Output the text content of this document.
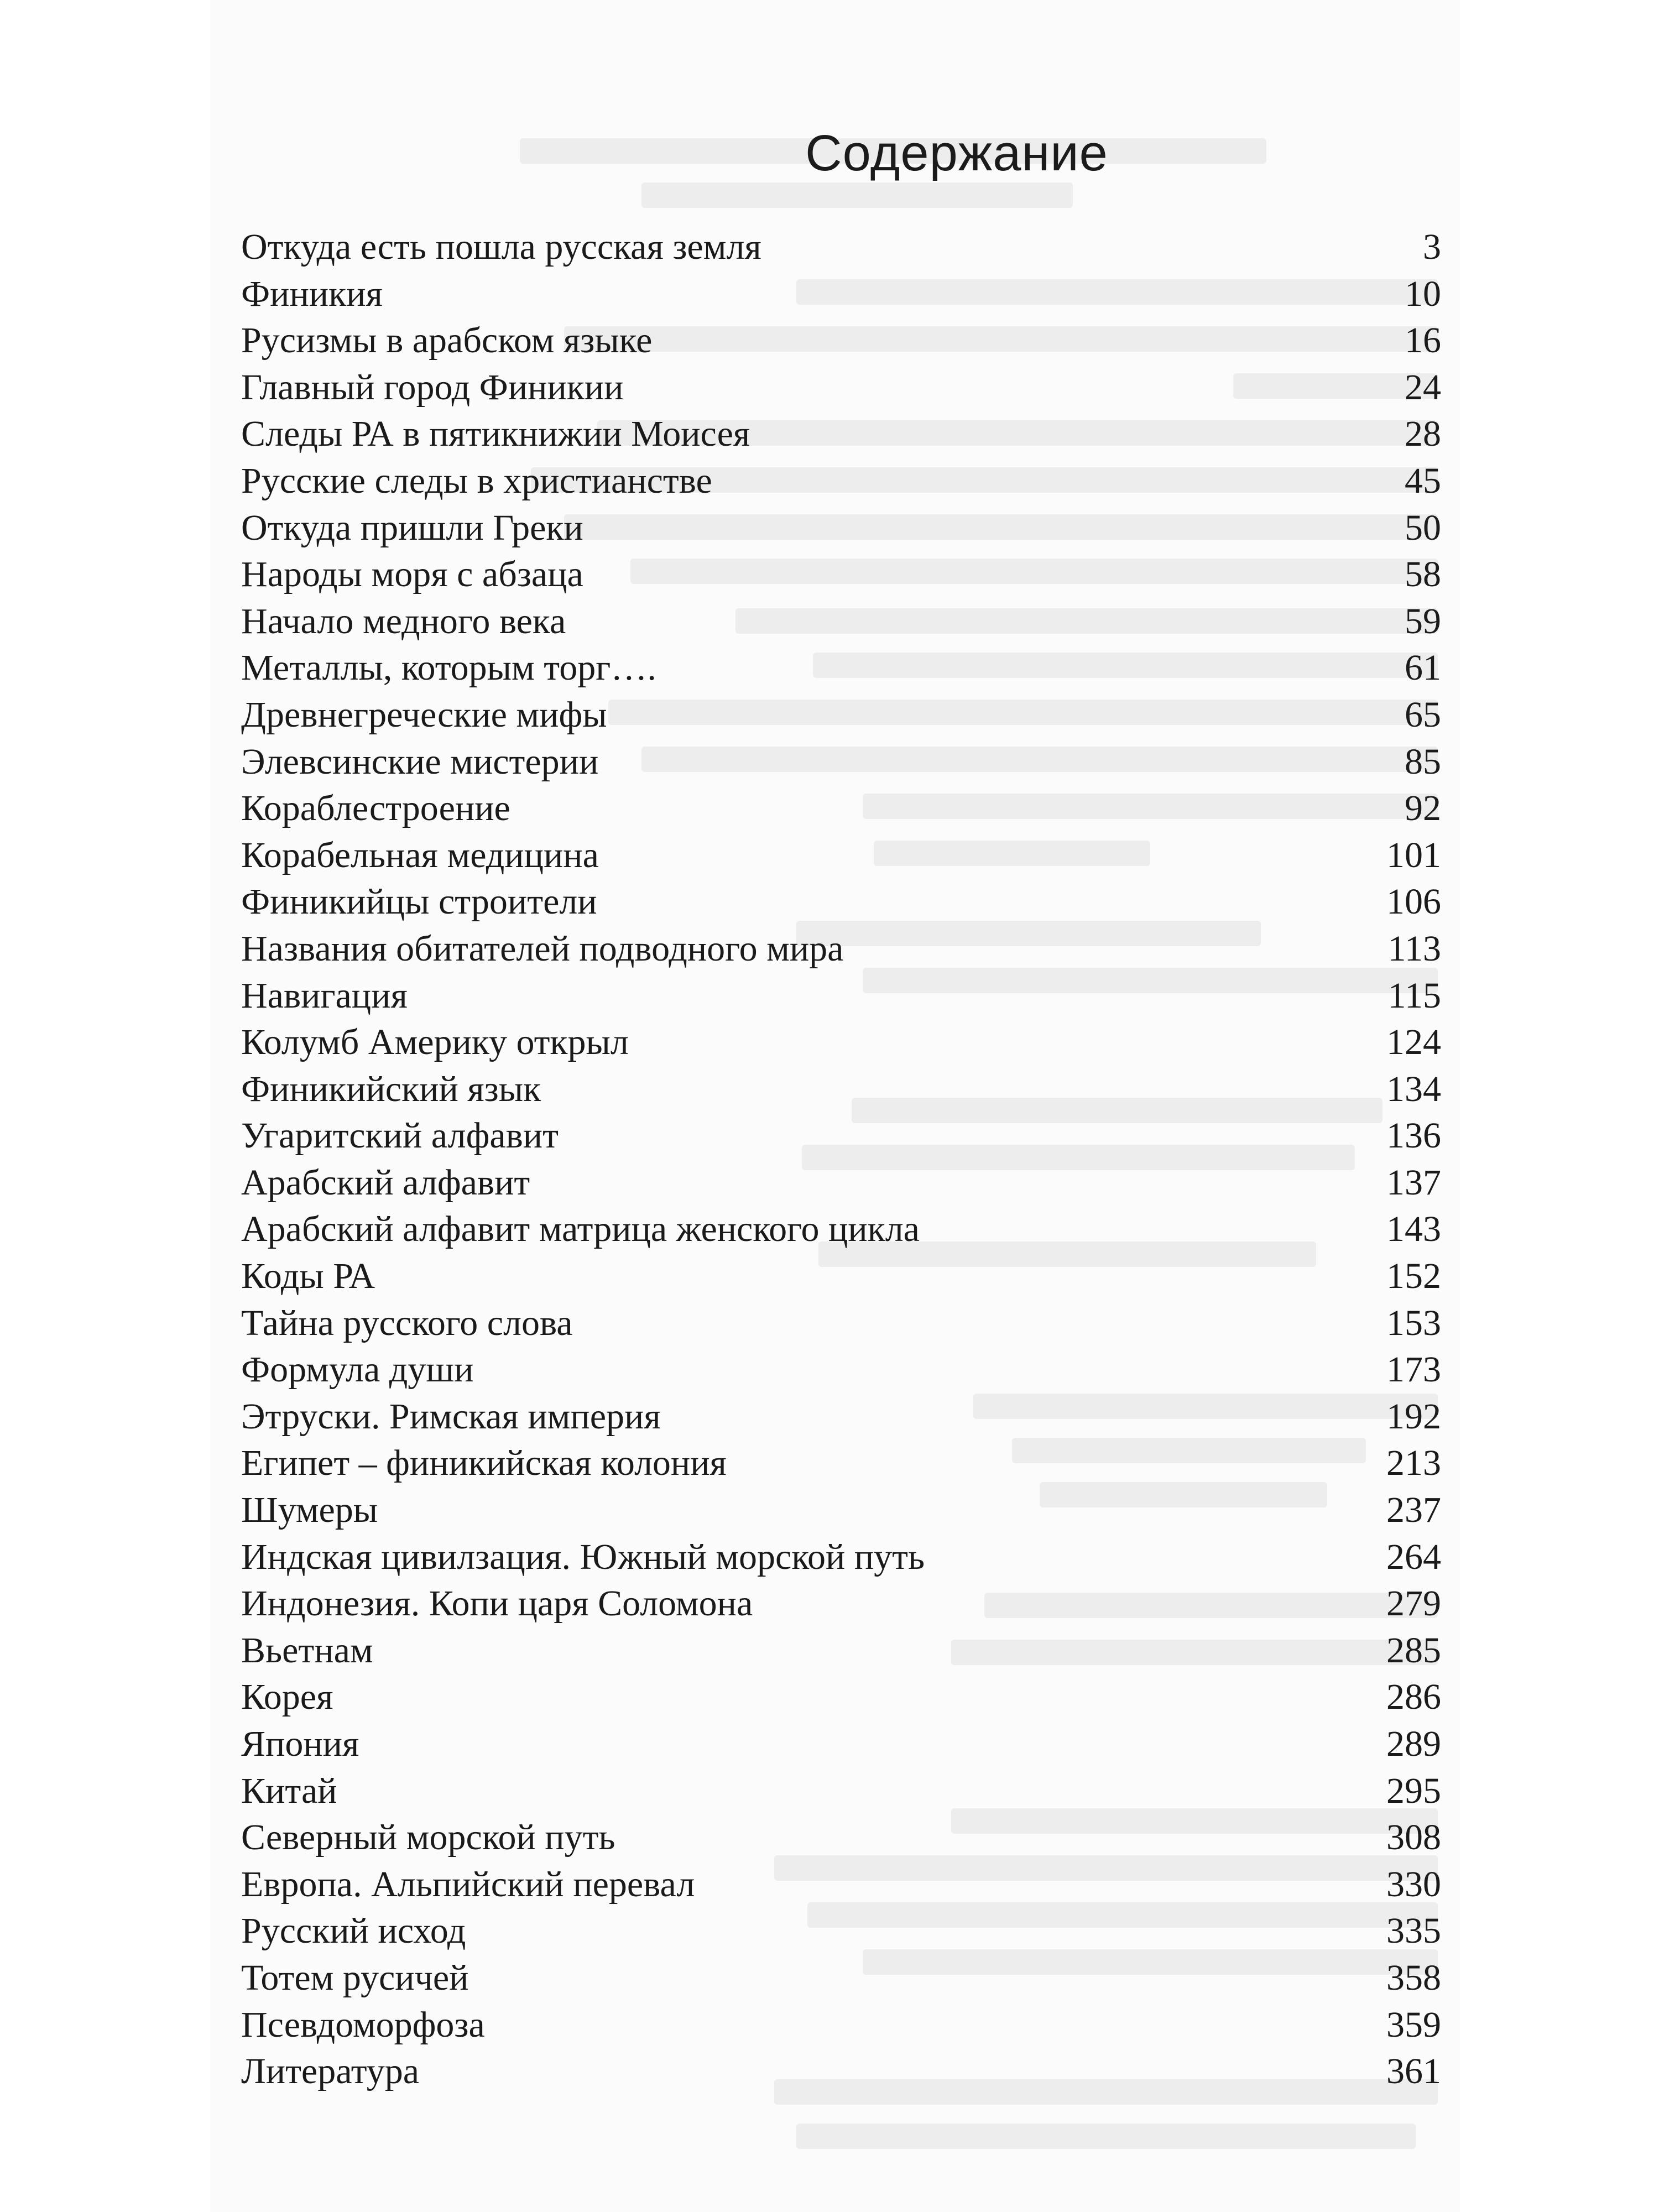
Содержание
Откуда есть пошла русская земля	3
Финикия	10
Русизмы в арабском языке	16
Главный город Финикии	24
Следы РА в пятикнижии Моисея	28
Русские следы в христианстве	45
Откуда пришли Греки	50
Народы моря с абзаца	58
Начало медного века	59
Металлы, которым торг….	61
Древнегреческие мифы	65
Элевсинские мистерии	85
Кораблестроение	92
Корабельная медицина	101
Финикийцы строители	106
Названия обитателей подводного мира	113
Навигация	115
Колумб Америку открыл	124
Финикийский язык	134
Угаритский алфавит	136
Арабский алфавит	137
Арабский алфавит матрица женского цикла	143
Коды РА	152
Тайна русского слова	153
Формула души	173
Этруски. Римская империя	192
Египет – финикийская колония	213
Шумеры	237
Индская цивилзация. Южный морской путь	264
Индонезия. Копи царя Соломона	279
Вьетнам	285
Корея	286
Япония	289
Китай	295
Северный морской путь	308
Европа. Альпийский перевал	330
Русский исход	335
Тотем русичей	358
Псевдоморфоза	359
Литература	361
